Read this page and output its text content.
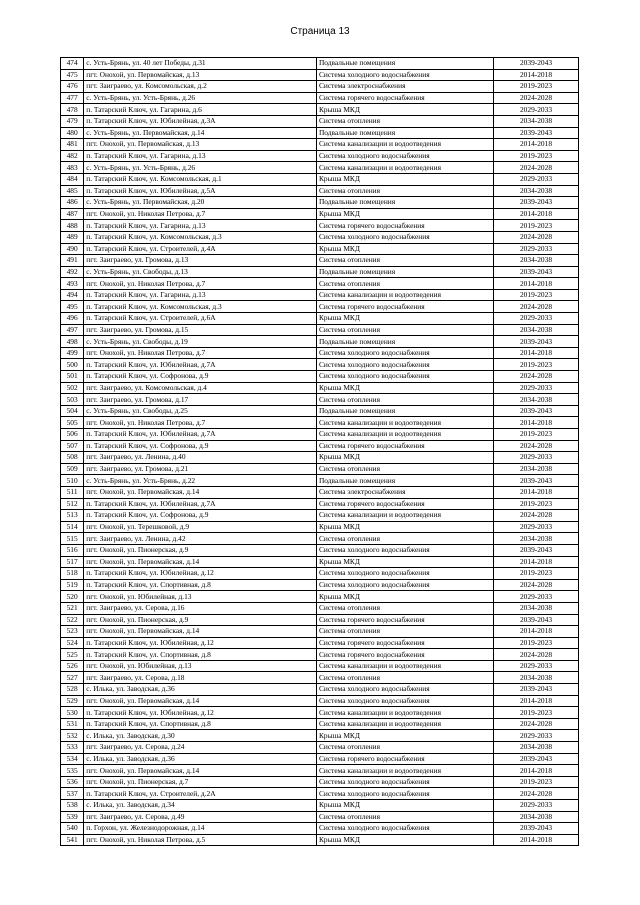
Страница 13
474	с. Усть-Брянь, ул. 40 лет Победы, д.31	Подвальные помещения	2039-2043
475	пгт. Онохой, ул. Первомайская, д.13	Система холодного водоснабжения	2014-2018
476	пгт. Заиграево, ул. Комсомольская, д.2	Система электроснабжения	2019-2023
477	с. Усть-Брянь, ул. Усть-Брянь, д.26	Система горячего водоснабжения	2024-2028
478	п. Татарский Ключ, ул. Гагарина, д.6	Крыша МКД	2029-2033
479	п. Татарский Ключ, ул. Юбилейная, д.3А	Система отопления	2034-2038
480	с. Усть-Брянь, ул. Первомайская, д.14	Подвальные помещения	2039-2043
481	пгт. Онохой, ул. Первомайская, д.13	Система канализации и водоотведения	2014-2018
482	п. Татарский Ключ, ул. Гагарина, д.13	Система холодного водоснабжения	2019-2023
483	с. Усть-Брянь, ул. Усть-Брянь, д.26	Система канализации и водоотведения	2024-2028
484	п. Татарский Ключ, ул. Комсомольская, д.1	Крыша МКД	2029-2033
485	п. Татарский Ключ, ул. Юбилейная, д.5А	Система отопления	2034-2038
486	с. Усть-Брянь, ул. Первомайская, д.20	Подвальные помещения	2039-2043
487	пгт. Онохой, ул. Николая Петрова, д.7	Крыша МКД	2014-2018
488	п. Татарский Ключ, ул. Гагарина, д.13	Система горячего водоснабжения	2019-2023
489	п. Татарский Ключ, ул. Комсомольская, д.3	Система холодного водоснабжения	2024-2028
490	п. Татарский Ключ, ул. Строителей, д.4А	Крыша МКД	2029-2033
491	пгт. Заиграево, ул. Громова, д.13	Система отопления	2034-2038
492	с. Усть-Брянь, ул. Свободы, д.13	Подвальные помещения	2039-2043
493	пгт. Онохой, ул. Николая Петрова, д.7	Система отопления	2014-2018
494	п. Татарский Ключ, ул. Гагарина, д.13	Система канализации и водоотведения	2019-2023
495	п. Татарский Ключ, ул. Комсомольская, д.3	Система горячего водоснабжения	2024-2028
496	п. Татарский Ключ, ул. Строителей, д.6А	Крыша МКД	2029-2033
497	пгт. Заиграево, ул. Громова, д.15	Система отопления	2034-2038
498	с. Усть-Брянь, ул. Свободы, д.19	Подвальные помещения	2039-2043
499	пгт. Онохой, ул. Николая Петрова, д.7	Система холодного водоснабжения	2014-2018
500	п. Татарский Ключ, ул. Юбилейная, д.7А	Система холодного водоснабжения	2019-2023
501	п. Татарский Ключ, ул. Софронова, д.9	Система холодного водоснабжения	2024-2028
502	пгт. Заиграево, ул. Комсомольская, д.4	Крыша МКД	2029-2033
503	пгт. Заиграево, ул. Громова, д.17	Система отопления	2034-2038
504	с. Усть-Брянь, ул. Свободы, д.25	Подвальные помещения	2039-2043
505	пгт. Онохой, ул. Николая Петрова, д.7	Система канализации и водоотведения	2014-2018
506	п. Татарский Ключ, ул. Юбилейная, д.7А	Система канализации и водоотведения	2019-2023
507	п. Татарский Ключ, ул. Софронова, д.9	Система горячего водоснабжения	2024-2028
508	пгт. Заиграево, ул. Ленина, д.40	Крыша МКД	2029-2033
509	пгт. Заиграево, ул. Громова, д.21	Система отопления	2034-2038
510	с. Усть-Брянь, ул. Усть-Брянь, д.22	Подвальные помещения	2039-2043
511	пгт. Онохой, ул. Первомайская, д.14	Система электроснабжения	2014-2018
512	п. Татарский Ключ, ул. Юбилейная, д.7А	Система горячего водоснабжения	2019-2023
513	п. Татарский Ключ, ул. Софронова, д.9	Система канализации и водоотведения	2024-2028
514	пгт. Онохой, ул. Терешковой, д.9	Крыша МКД	2029-2033
515	пгт. Заиграево, ул. Ленина, д.42	Система отопления	2034-2038
516	пгт. Онохой, ул. Пионерская, д.9	Система холодного водоснабжения	2039-2043
517	пгт. Онохой, ул. Первомайская, д.14	Крыша МКД	2014-2018
518	п. Татарский Ключ, ул. Юбилейная, д.12	Система холодного водоснабжения	2019-2023
519	п. Татарский Ключ, ул. Спортивная, д.8	Система холодного водоснабжения	2024-2028
520	пгт. Онохой, ул. Юбилейная, д.13	Крыша МКД	2029-2033
521	пгт. Заиграево, ул. Серова, д.16	Система отопления	2034-2038
522	пгт. Онохой, ул. Пионерская, д.9	Система горячего водоснабжения	2039-2043
523	пгт. Онохой, ул. Первомайская, д.14	Система отопления	2014-2018
524	п. Татарский Ключ, ул. Юбилейная, д.12	Система горячего водоснабжения	2019-2023
525	п. Татарский Ключ, ул. Спортивная, д.8	Система горячего водоснабжения	2024-2028
526	пгт. Онохой, ул. Юбилейная, д.13	Система канализации и водоотведения	2029-2033
527	пгт. Заиграево, ул. Серова, д.18	Система отопления	2034-2038
528	с. Илька, ул. Заводская, д.36	Система холодного водоснабжения	2039-2043
529	пгт. Онохой, ул. Первомайская, д.14	Система холодного водоснабжения	2014-2018
530	п. Татарский Ключ, ул. Юбилейная, д.12	Система канализации и водоотведения	2019-2023
531	п. Татарский Ключ, ул. Спортивная, д.8	Система канализации и водоотведения	2024-2028
532	с. Илька, ул. Заводская, д.30	Крыша МКД	2029-2033
533	пгт. Заиграево, ул. Серова, д.24	Система отопления	2034-2038
534	с. Илька, ул. Заводская, д.36	Система горячего водоснабжения	2039-2043
535	пгт. Онохой, ул. Первомайская, д.14	Система канализации и водоотведения	2014-2018
536	пгт. Онохой, ул. Пионерская, д.7	Система холодного водоснабжения	2019-2023
537	п. Татарский Ключ, ул. Строителей, д.2А	Система холодного водоснабжения	2024-2028
538	с. Илька, ул. Заводская, д.34	Крыша МКД	2029-2033
539	пгт. Заиграево, ул. Серова, д.49	Система отопления	2034-2038
540	п. Горхон, ул. Железнодорожная, д.14	Система холодного водоснабжения	2039-2043
541	пгт. Онохой, ул. Николая Петрова, д.5	Крыша МКД	2014-2018
